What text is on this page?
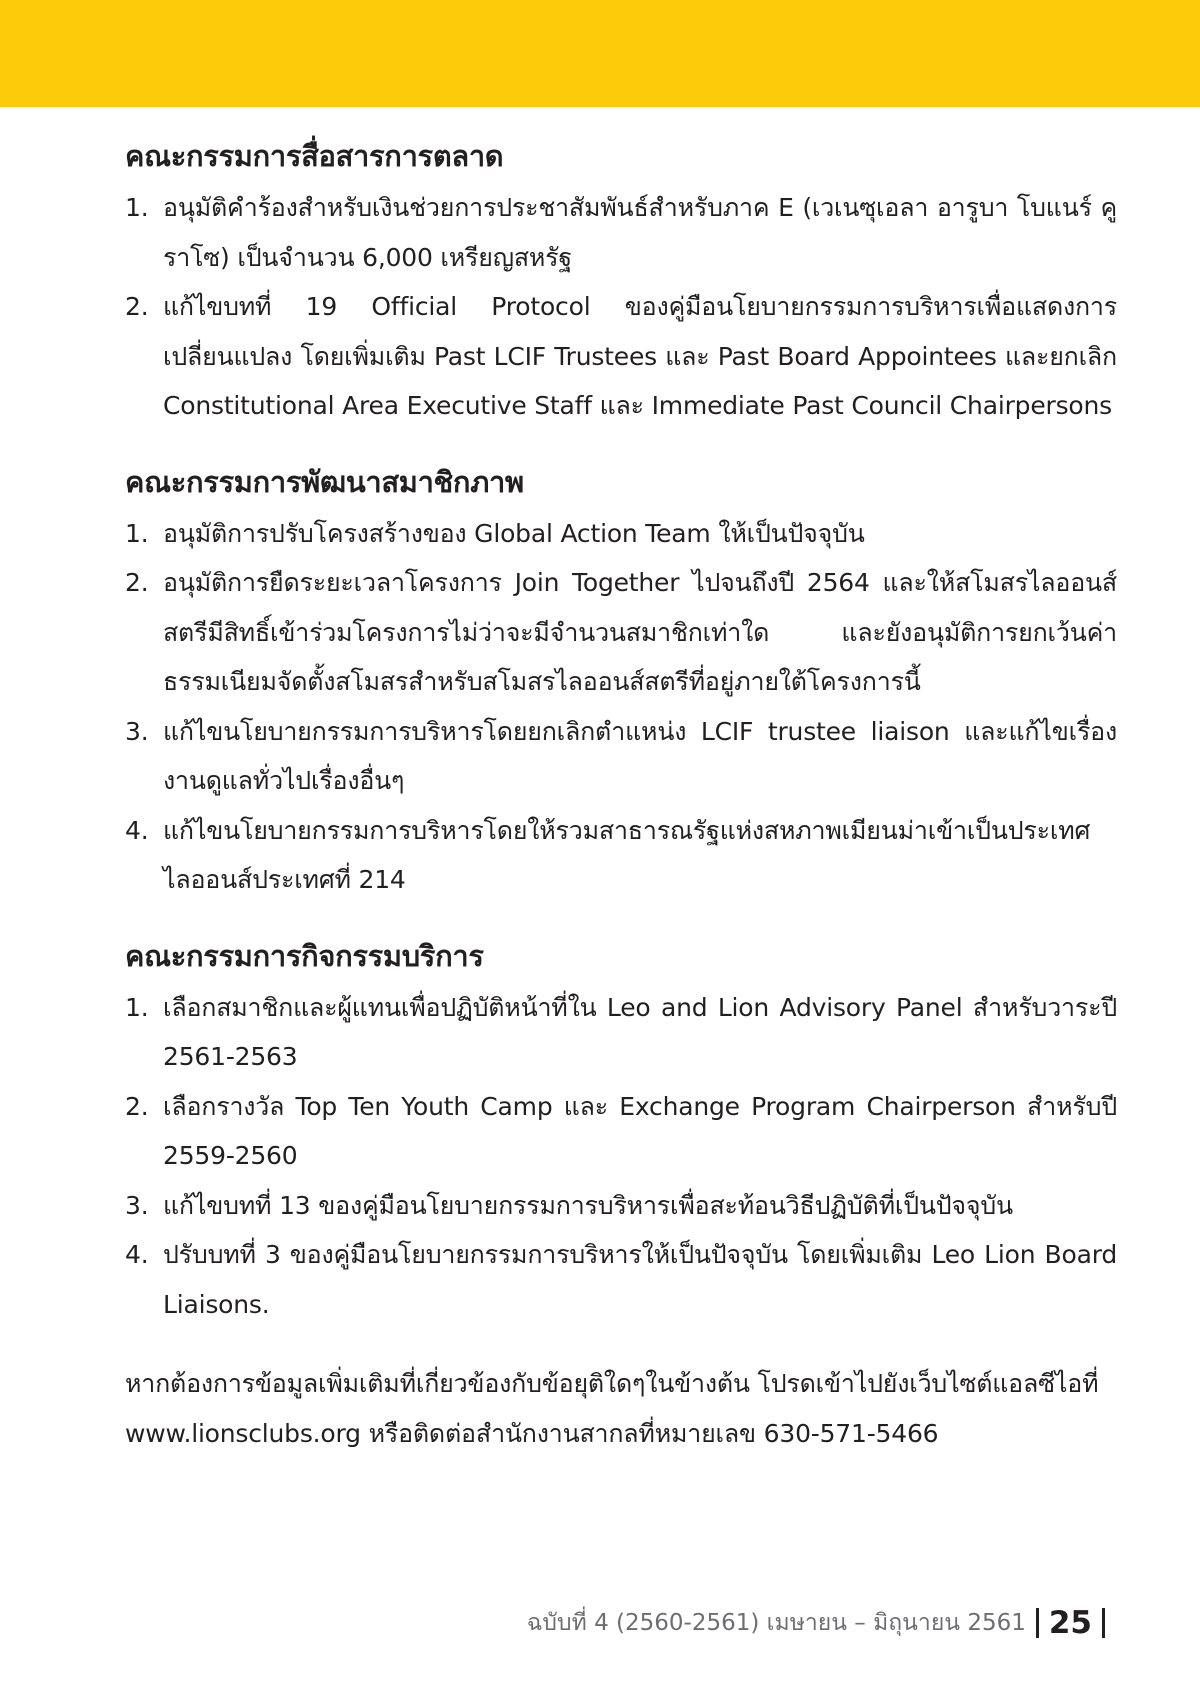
คณะกรรมการสื่อสารการตลาด
1. อนุมัติคำร้องสำหรับเงินช่วยการประชาสัมพันธ์สำหรับภาค E (เวเนซุเอลา อารูบา โบแนร์ คูราโซ) เป็นจำนวน 6,000 เหรียญสหรัฐ
2. แก้ไขบทที่ 19 Official Protocol ของคู่มือนโยบายกรรมการบริหารเพื่อแสดงการเปลี่ยนแปลง โดยเพิ่มเติม Past LCIF Trustees และ Past Board Appointees และยกเลิก Constitutional Area Executive Staff และ Immediate Past Council Chairpersons
คณะกรรมการพัฒนาสมาชิกภาพ
1. อนุมัติการปรับโครงสร้างของ Global Action Team ให้เป็นปัจจุบัน
2. อนุมัติการยืดระยะเวลาโครงการ Join Together ไปจนถึงปี 2564 และให้สโมสรไลออนส์สตรีมีสิทธิ์เข้าร่วมโครงการไม่ว่าจะมีจำนวนสมาชิกเท่าใด และยังอนุมัติการยกเว้นค่าธรรมเนียมจัดตั้งสโมสรสำหรับสโมสรไลออนส์สตรีที่อยู่ภายใต้โครงการนี้
3. แก้ไขนโยบายกรรมการบริหารโดยยกเลิกตำแหน่ง LCIF trustee liaison และแก้ไขเรื่องงานดูแลทั่วไปเรื่องอื่นๆ
4. แก้ไขนโยบายกรรมการบริหารโดยให้รวมสาธารณรัฐแห่งสหภาพเมียนม่าเข้าเป็นประเทศไลออนส์ประเทศที่ 214
คณะกรรมการกิจกรรมบริการ
1. เลือกสมาชิกและผู้แทนเพื่อปฏิบัติหน้าที่ใน Leo and Lion Advisory Panel สำหรับวาระปี 2561-2563
2. เลือกรางวัล Top Ten Youth Camp และ Exchange Program Chairperson สำหรับปี 2559-2560
3. แก้ไขบทที่ 13 ของคู่มือนโยบายกรรมการบริหารเพื่อสะท้อนวิธีปฏิบัติที่เป็นปัจจุบัน
4. ปรับบทที่ 3 ของคู่มือนโยบายกรรมการบริหารให้เป็นปัจจุบัน โดยเพิ่มเติม Leo Lion Board Liaisons.

หากต้องการข้อมูลเพิ่มเติมที่เกี่ยวข้องกับข้อยุติใดๆในข้างต้น โปรดเข้าไปยังเว็บไซต์แอลซีไอที่ www.lionsclubs.org หรือติดต่อสำนักงานสากลที่หมายเลข 630-571-5466

ฉบับที่ 4 (2560-2561) เมษายน – มิถุนายน 2561 25
